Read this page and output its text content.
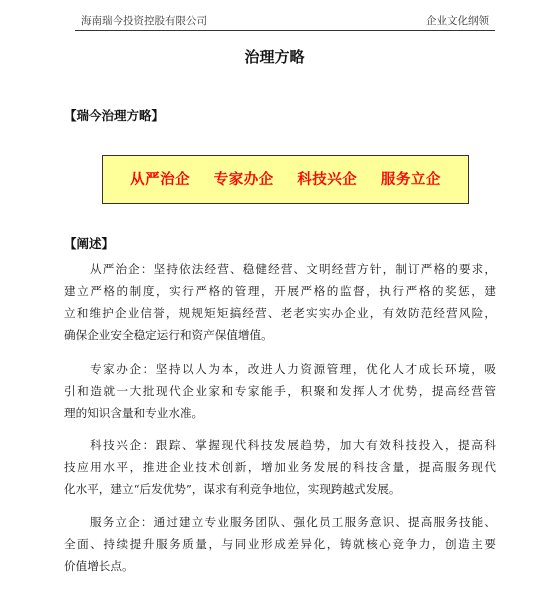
海南瑞今投资控股有限公司	企业文化纲领
治理方略
【瑞今治理方略】
从严治企 专家办企 科技兴企 服务立企
【阐述】
从严治企：坚持依法经营、稳健经营、文明经营方针，制订严格的要求，
建立严格的制度，实行严格的管理，开展严格的监督，执行严格的奖惩，建
立和维护企业信誉，规规矩矩搞经营、老老实实办企业，有效防范经营风险，
确保企业安全稳定运行和资产保值增值。
专家办企：坚持以人为本，改进人力资源管理，优化人才成长环境，吸
引和造就一大批现代企业家和专家能手，积聚和发挥人才优势，提高经营管
理的知识含量和专业水准。
科技兴企：跟踪、掌握现代科技发展趋势，加大有效科技投入，提高科
技应用水平，推进企业技术创新，增加业务发展的科技含量，提高服务现代
化水平，建立“后发优势”，谋求有利竞争地位，实现跨越式发展。
服务立企：通过建立专业服务团队、强化员工服务意识、提高服务技能、
全面、持续提升服务质量，与同业形成差异化，铸就核心竞争力，创造主要
价值增长点。
